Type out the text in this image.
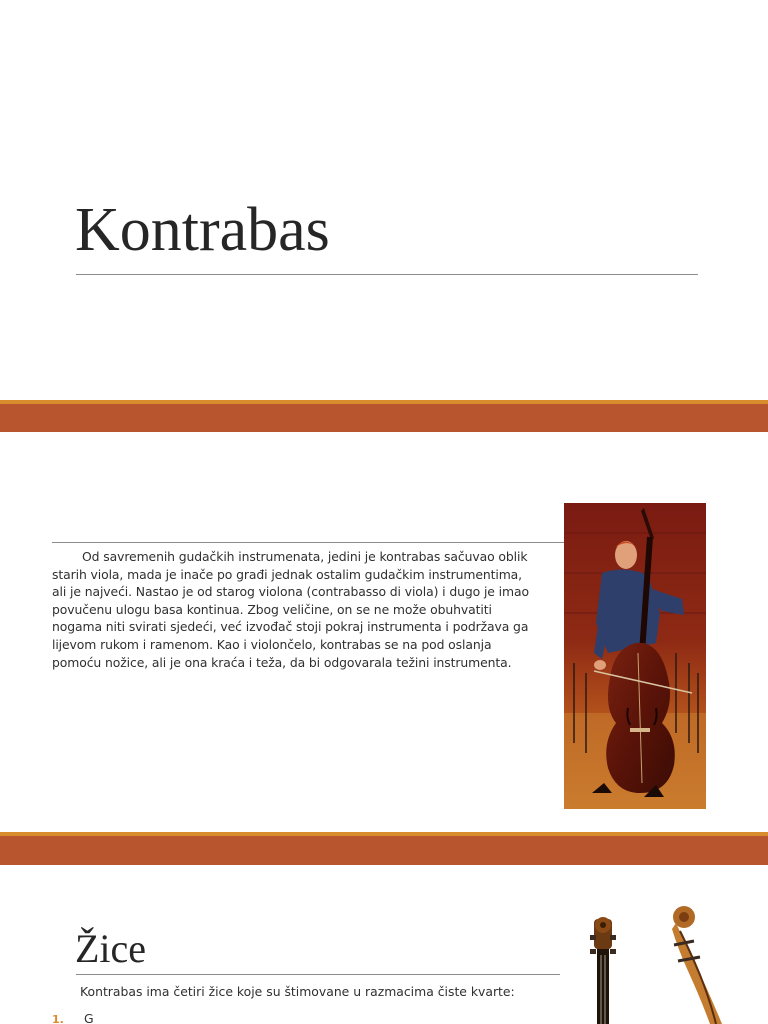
Kontrabas

Od savremenih gudačkih instrumenata, jedini je kontrabas sačuvao oblik starih viola, mada je inače po građi jednak ostalim gudačkim instrumentima, ali je najveći. Nastao je od starog violona (contrabasso di viola) i dugo je imao povučenu ulogu basa kontinua. Zbog veličine, on se ne može obuhvatiti nogama niti svirati sjedeći, već izvođač stoji pokraj instrumenta i podržava ga lijevom rukom i ramenom. Kao i violončelo, kontrabas se na pod oslanja pomoću nožice, ali je ona kraća i teža, da bi odgovarala težini instrumenta.

Žice

Kontrabas ima četiri žice koje su štimovane u razmacima čiste kvarte:

1. G
